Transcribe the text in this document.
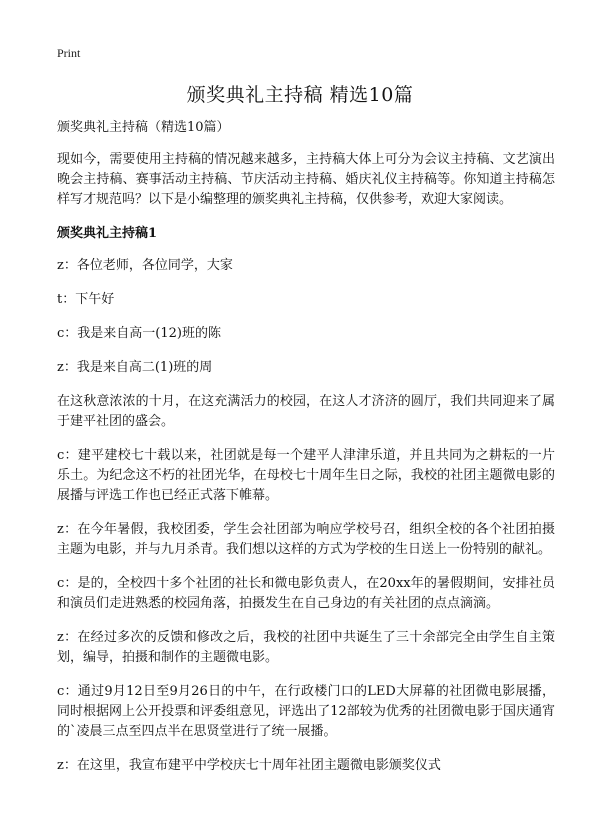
Print
颁奖典礼主持稿 精选10篇

颁奖典礼主持稿（精选10篇）

现如今，需要使用主持稿的情况越来越多，主持稿大体上可分为会议主持稿、文艺演出晚会主持稿、赛事活动主持稿、节庆活动主持稿、婚庆礼仪主持稿等。你知道主持稿怎样写才规范吗？以下是小编整理的颁奖典礼主持稿，仅供参考，欢迎大家阅读。

颁奖典礼主持稿1

z：各位老师，各位同学，大家

t：下午好

c：我是来自高一(12)班的陈

z：我是来自高二(1)班的周

在这秋意浓浓的十月，在这充满活力的校园，在这人才济济的圆厅，我们共同迎来了属于建平社团的盛会。

c：建平建校七十载以来，社团就是每一个建平人津津乐道，并且共同为之耕耘的一片乐土。为纪念这不朽的社团光华，在母校七十周年生日之际，我校的社团主题微电影的展播与评选工作也已经正式落下帷幕。

z：在今年暑假，我校团委，学生会社团部为响应学校号召，组织全校的各个社团拍摄主题为电影，并与九月杀青。我们想以这样的方式为学校的生日送上一份特别的献礼。

c：是的，全校四十多个社团的社长和微电影负责人，在20xx年的暑假期间，安排社员和演员们走进熟悉的校园角落，拍摄发生在自己身边的有关社团的点点滴滴。

z：在经过多次的反馈和修改之后，我校的社团中共诞生了三十余部完全由学生自主策划，编导，拍摄和制作的主题微电影。

c：通过9月12日至9月26日的中午，在行政楼门口的LED大屏幕的社团微电影展播，同时根据网上公开投票和评委组意见，评选出了12部较为优秀的社团微电影于国庆通宵的`凌晨三点至四点半在思贤堂进行了统一展播。

z：在这里，我宣布建平中学校庆七十周年社团主题微电影颁奖仪式
